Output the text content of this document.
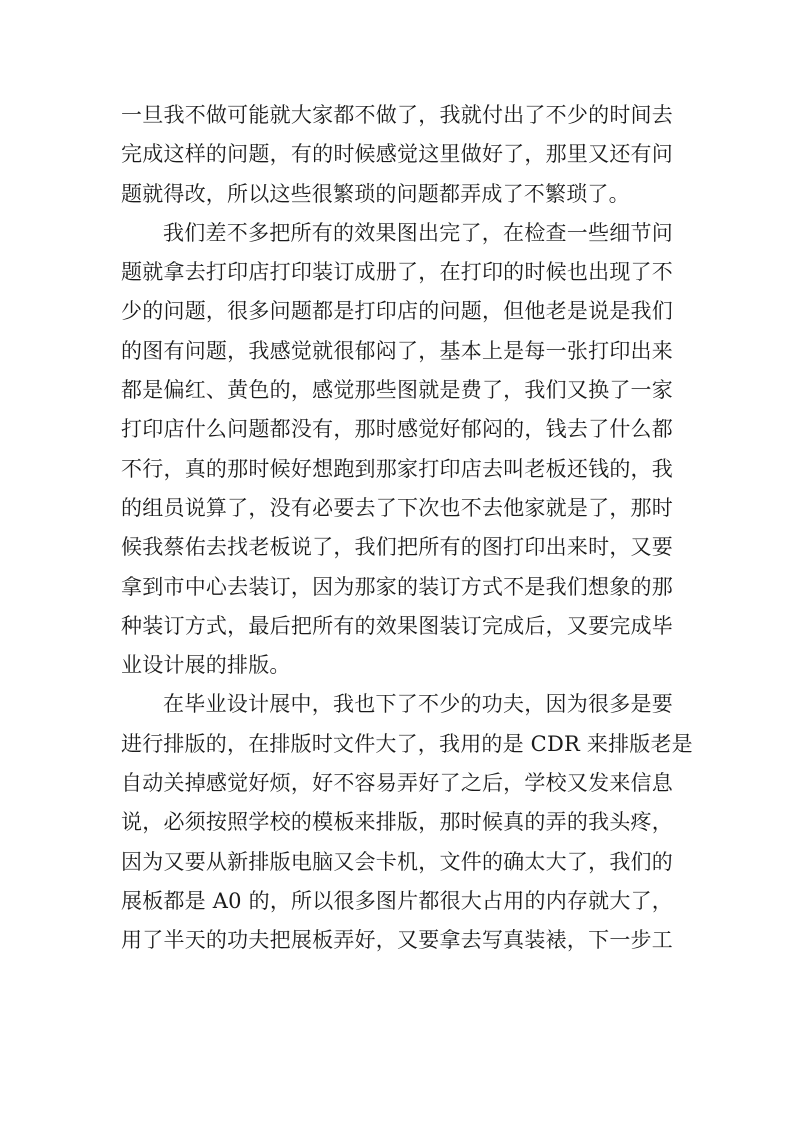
一旦我不做可能就大家都不做了，我就付出了不少的时间去
完成这样的问题，有的时候感觉这里做好了，那里又还有问
题就得改，所以这些很繁琐的问题都弄成了不繁琐了。

我们差不多把所有的效果图出完了，在检查一些细节问
题就拿去打印店打印装订成册了，在打印的时候也出现了不
少的问题，很多问题都是打印店的问题，但他老是说是我们
的图有问题，我感觉就很郁闷了，基本上是每一张打印出来
都是偏红、黄色的，感觉那些图就是费了，我们又换了一家
打印店什么问题都没有，那时感觉好郁闷的，钱去了什么都
不行，真的那时候好想跑到那家打印店去叫老板还钱的，我
的组员说算了，没有必要去了下次也不去他家就是了，那时
候我蔡佑去找老板说了，我们把所有的图打印出来时，又要
拿到市中心去装订，因为那家的装订方式不是我们想象的那
种装订方式，最后把所有的效果图装订完成后，又要完成毕
业设计展的排版。

在毕业设计展中，我也下了不少的功夫，因为很多是要
进行排版的，在排版时文件大了，我用的是 CDR 来排版老是
自动关掉感觉好烦，好不容易弄好了之后，学校又发来信息
说，必须按照学校的模板来排版，那时候真的弄的我头疼，
因为又要从新排版电脑又会卡机，文件的确太大了，我们的
展板都是 A0 的，所以很多图片都很大占用的内存就大了，
用了半天的功夫把展板弄好，又要拿去写真装裱，下一步工
